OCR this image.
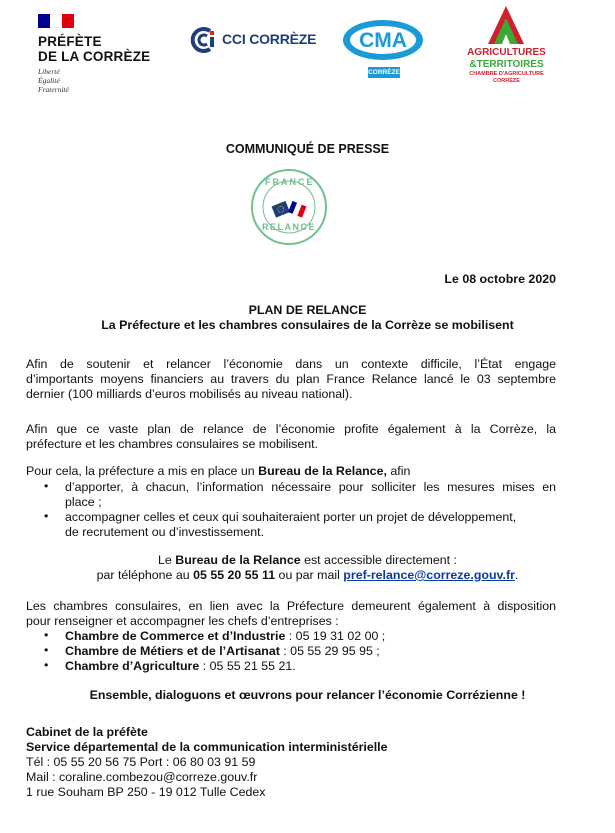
PRÉFÈTE
DE LA CORRÈZE
Liberté
Égalité
Fraternité
CCI CORRÈZE CMA
CORRÈZE
AGRICULTURES
&TERRITOIRES
CHAMBRE D'AGRICULTURE
CORRÈZE
COMMUNIQUÉ DE PRESSE
FRANCE
RELANCE
Le 08 octobre 2020
PLAN DE RELANCE
La Préfecture et les chambres consulaires de la Corrèze se mobilisent
Afin de soutenir et relancer l’économie dans un contexte difficile, l’État engage
d’importants moyens financiers au travers du plan France Relance lancé le 03 septembre
dernier (100 milliards d’euros mobilisés au niveau national).
Afin que ce vaste plan de relance de l’économie profite également à la Corrèze, la
préfecture et les chambres consulaires se mobilisent.
Pour cela, la préfecture a mis en place un Bureau de la Relance, afin
• d’apporter, à chacun, l’information nécessaire pour solliciter les mesures mises en
place ;
• accompagner celles et ceux qui souhaiteraient porter un projet de développement,
de recrutement ou d’investissement.
Le Bureau de la Relance est accessible directement :
par téléphone au 05 55 20 55 11 ou par mail pref-relance@correze.gouv.fr.
Les chambres consulaires, en lien avec la Préfecture demeurent également à disposition
pour renseigner et accompagner les chefs d’entreprises :
• Chambre de Commerce et d’Industrie : 05 19 31 02 00 ;
• Chambre de Métiers et de l’Artisanat : 05 55 29 95 95 ;
• Chambre d’Agriculture : 05 55 21 55 21.
Ensemble, dialoguons et œuvrons pour relancer l’économie Corrézienne !
Cabinet de la préfète
Service départemental de la communication interministérielle
Tél : 05 55 20 56 75 Port : 06 80 03 91 59
Mail : coraline.combezou@correze.gouv.fr
1 rue Souham BP 250 - 19 012 Tulle Cedex
